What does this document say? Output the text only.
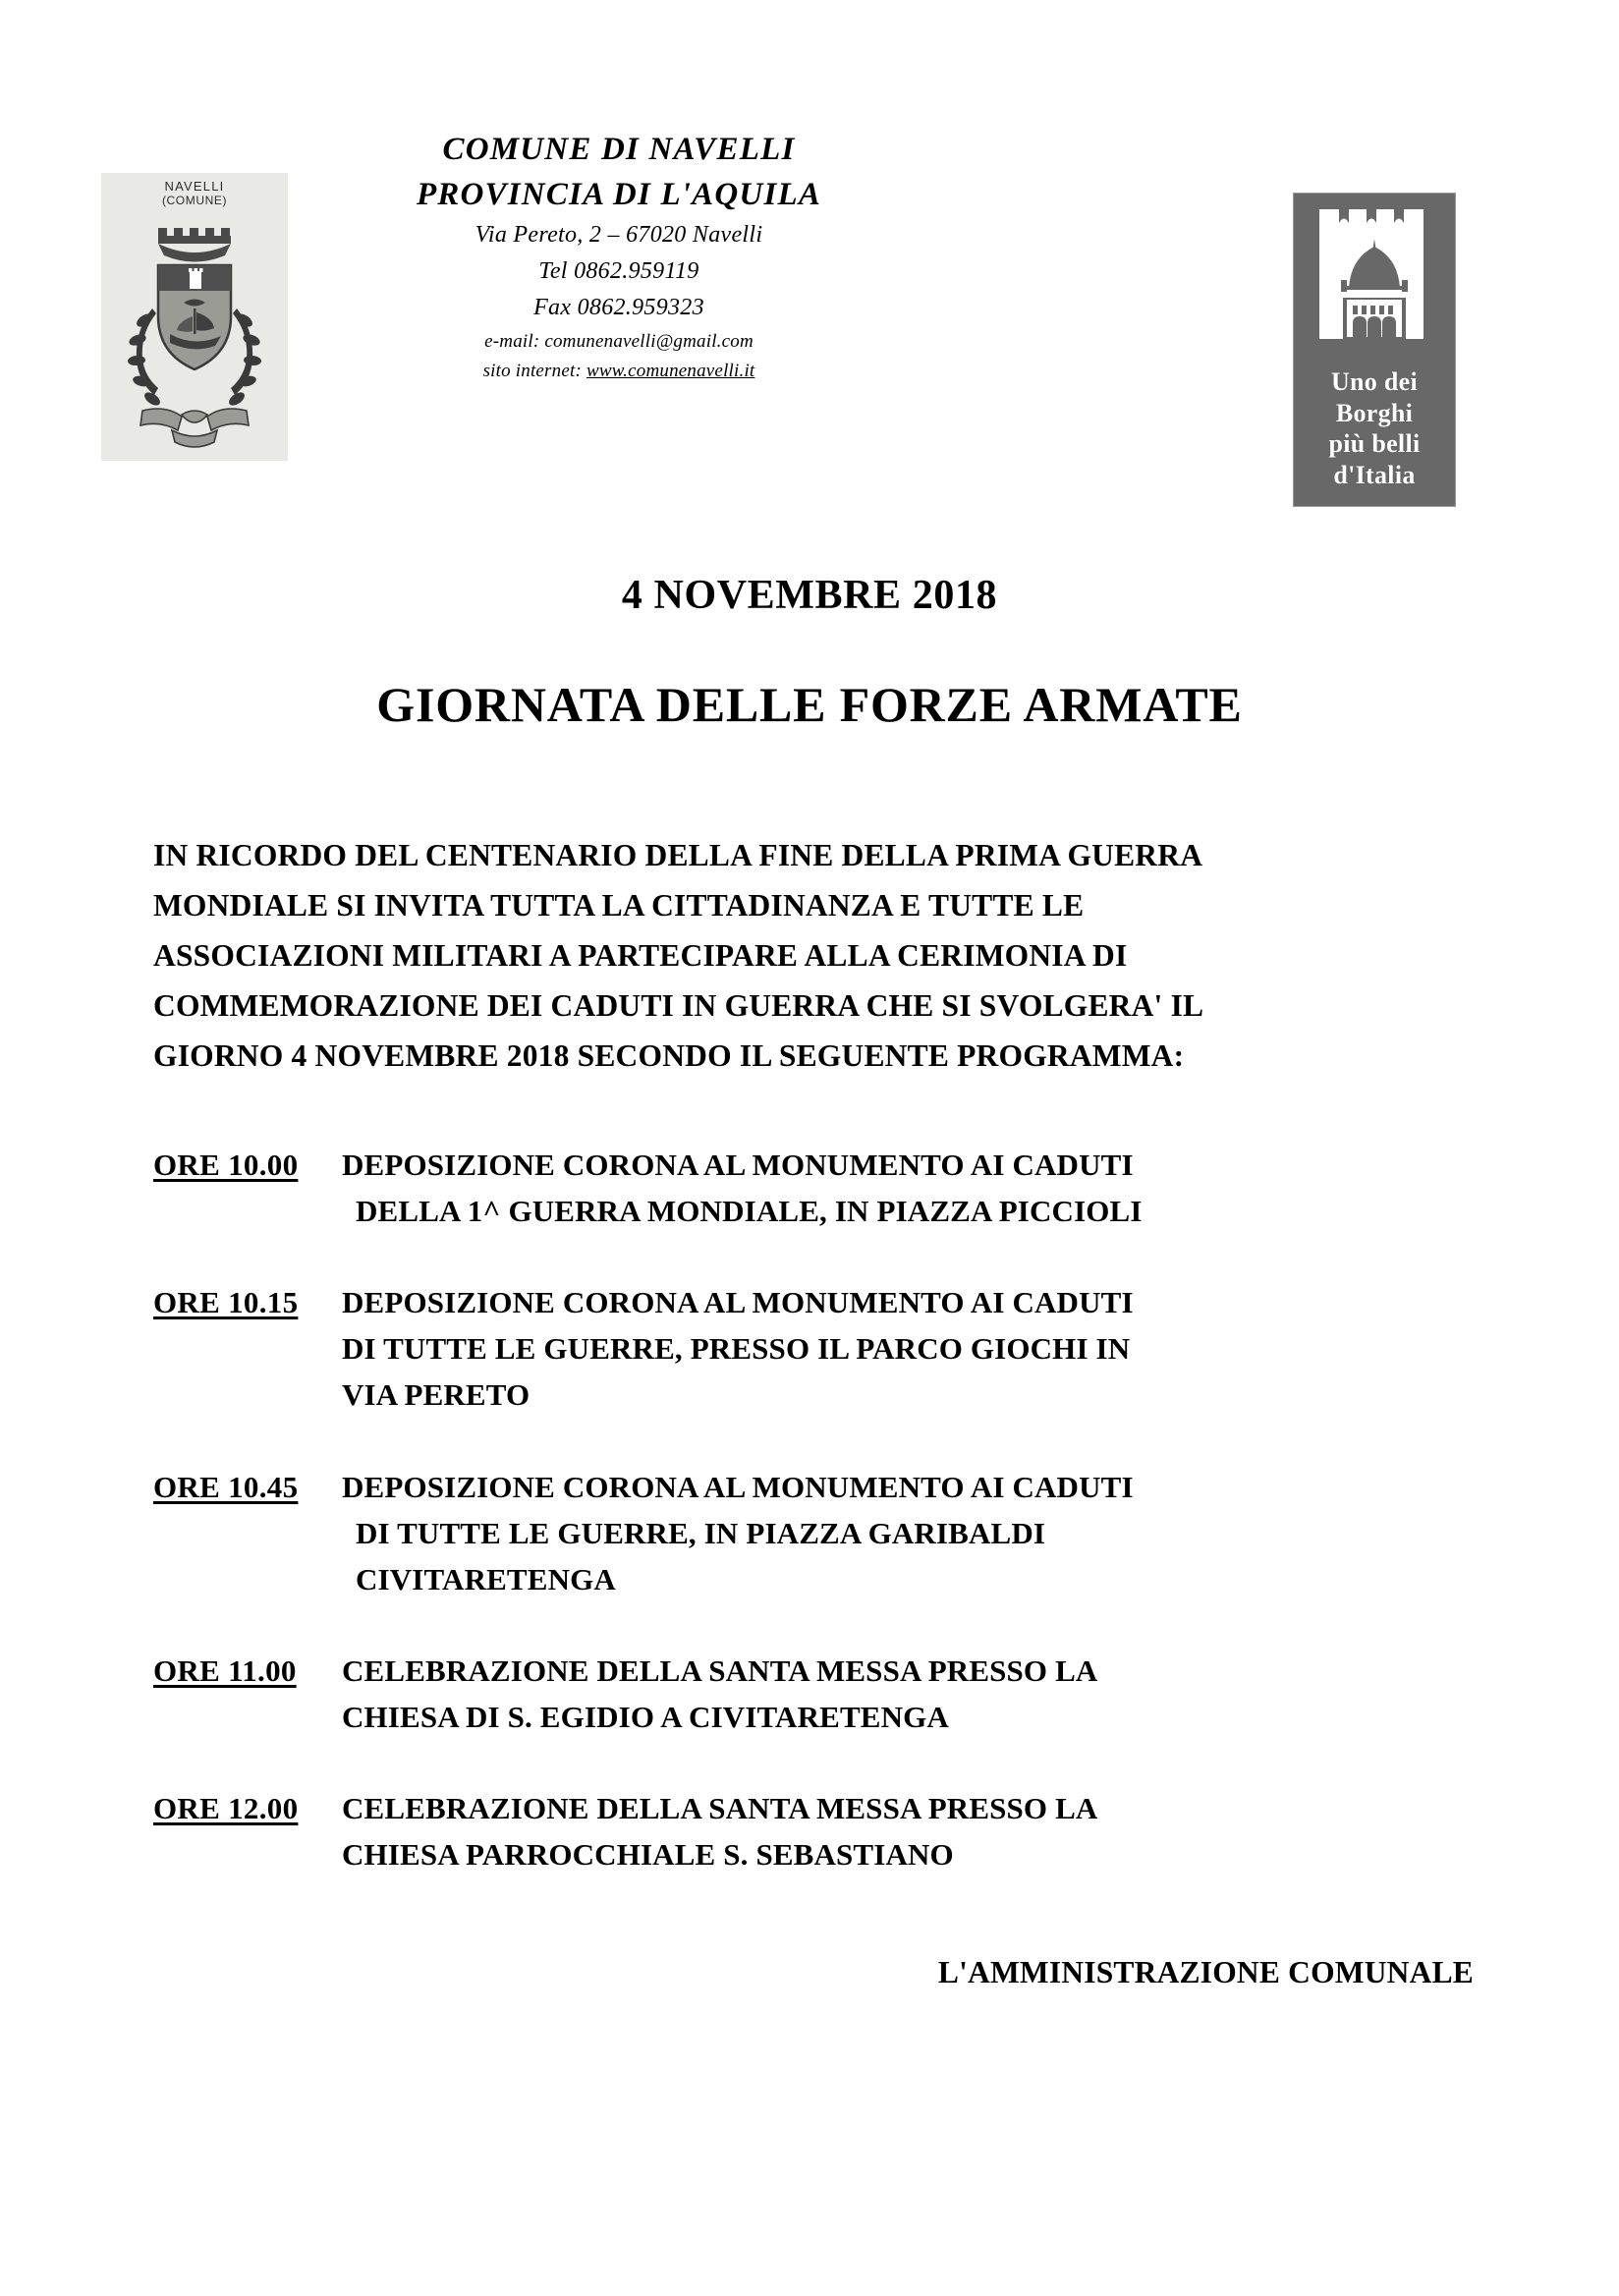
NAVELLI
(COMUNE)
COMUNE DI NAVELLI
PROVINCIA DI L'AQUILA
Via Pereto, 2 – 67020 Navelli
Tel 0862.959119
Fax 0862.959323
e-mail: comunenavelli@gmail.com
sito internet: www.comunenavelli.it	Uno dei
Borghi
più belli
d'Italia
4 NOVEMBRE 2018
GIORNATA DELLE FORZE ARMATE
IN RICORDO DEL CENTENARIO DELLA FINE DELLA PRIMA GUERRA
MONDIALE SI INVITA TUTTA LA CITTADINANZA E TUTTE LE
ASSOCIAZIONI MILITARI A PARTECIPARE ALLA CERIMONIA DI
COMMEMORAZIONE DEI CADUTI IN GUERRA CHE SI SVOLGERA' IL
GIORNO 4 NOVEMBRE 2018 SECONDO IL SEGUENTE PROGRAMMA:
ORE 10.00	DEPOSIZIONE CORONA AL MONUMENTO AI CADUTI
DELLA 1^ GUERRA MONDIALE, IN PIAZZA PICCIOLI
ORE 10.15	DEPOSIZIONE CORONA AL MONUMENTO AI CADUTI
DI TUTTE LE GUERRE, PRESSO IL PARCO GIOCHI IN
VIA PERETO
ORE 10.45	DEPOSIZIONE CORONA AL MONUMENTO AI CADUTI
DI TUTTE LE GUERRE, IN PIAZZA GARIBALDI
CIVITARETENGA
ORE 11.00	CELEBRAZIONE DELLA SANTA MESSA PRESSO LA
CHIESA DI S. EGIDIO A CIVITARETENGA
ORE 12.00	CELEBRAZIONE DELLA SANTA MESSA PRESSO LA
CHIESA PARROCCHIALE S. SEBASTIANO
L'AMMINISTRAZIONE COMUNALE
